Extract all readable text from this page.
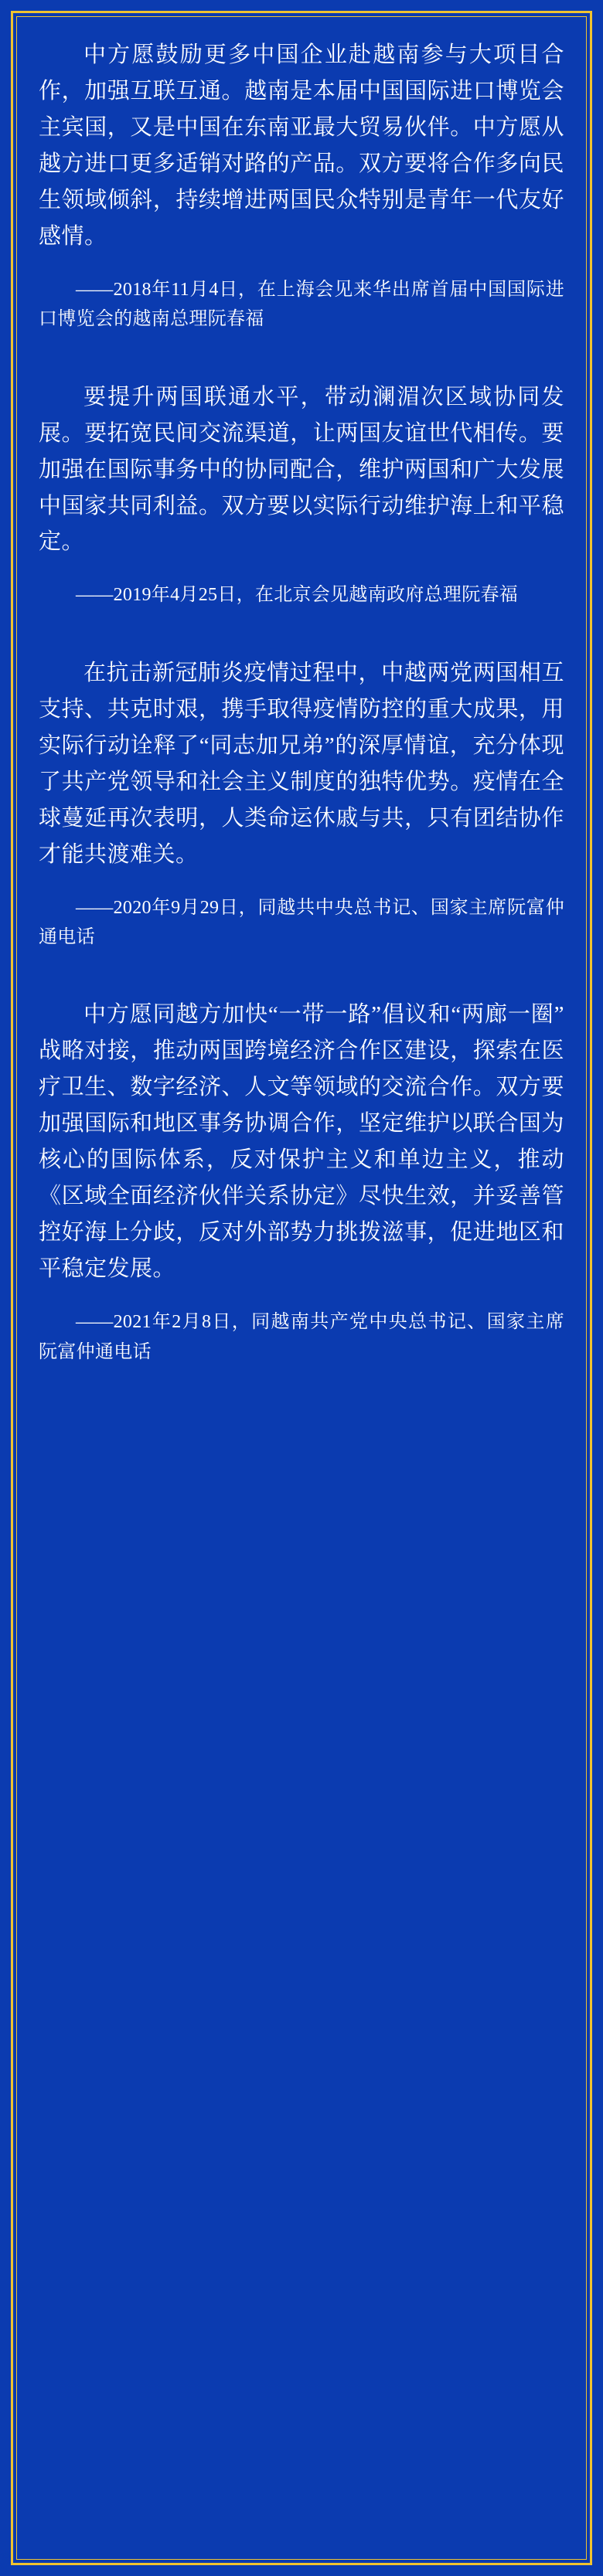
中方愿鼓励更多中国企业赴越南参与大项目合作，加强互联互通。越南是本届中国国际进口博览会主宾国，又是中国在东南亚最大贸易伙伴。中方愿从越方进口更多适销对路的产品。双方要将合作多向民生领域倾斜，持续增进两国民众特别是青年一代友好感情。

——2018年11月4日，在上海会见来华出席首届中国国际进口博览会的越南总理阮春福

要提升两国联通水平，带动澜湄次区域协同发展。要拓宽民间交流渠道，让两国友谊世代相传。要加强在国际事务中的协同配合，维护两国和广大发展中国家共同利益。双方要以实际行动维护海上和平稳定。

——2019年4月25日，在北京会见越南政府总理阮春福

在抗击新冠肺炎疫情过程中，中越两党两国相互支持、共克时艰，携手取得疫情防控的重大成果，用实际行动诠释了“同志加兄弟”的深厚情谊，充分体现了共产党领导和社会主义制度的独特优势。疫情在全球蔓延再次表明，人类命运休戚与共，只有团结协作才能共渡难关。

——2020年9月29日，同越共中央总书记、国家主席阮富仲通电话

中方愿同越方加快“一带一路”倡议和“两廊一圈”战略对接，推动两国跨境经济合作区建设，探索在医疗卫生、数字经济、人文等领域的交流合作。双方要加强国际和地区事务协调合作，坚定维护以联合国为核心的国际体系，反对保护主义和单边主义，推动《区域全面经济伙伴关系协定》尽快生效，并妥善管控好海上分歧，反对外部势力挑拨滋事，促进地区和平稳定发展。

——2021年2月8日，同越南共产党中央总书记、国家主席阮富仲通电话
